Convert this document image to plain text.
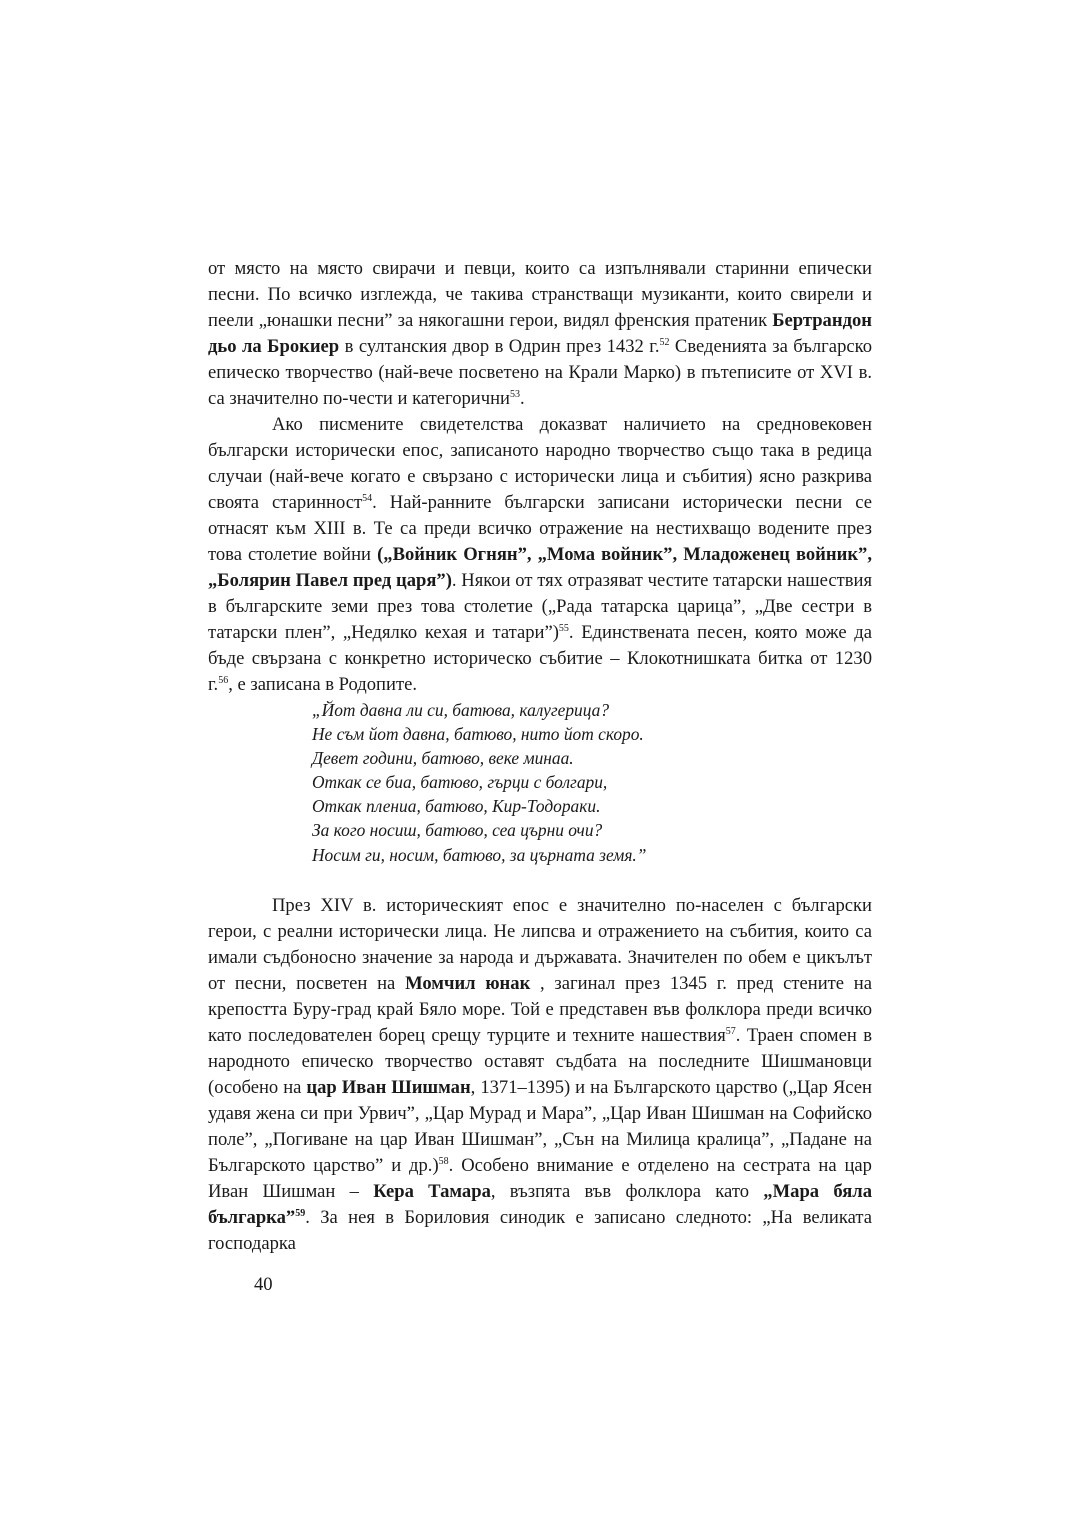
от място на място свирачи и певци, които са изпълнявали старинни епически песни. По всичко изглежда, че такива странстващи музиканти, които свирели и пеели „юнашки песни” за някогашни герои, видял френския пратеник Бертрандон дьо ла Брокиер в султанския двор в Одрин през 1432 г.$^{52}$ Сведенията за българско епическо творчество (най-вече посветено на Крали Марко) в пътеписите от XVI в. са значително по-чести и категорични$^{53}$.

Ако писмените свидетелства доказват наличието на средновековен български исторически епос, записаното народно творчество също така в редица случаи (най-вече когато е свързано с исторически лица и събития) ясно разкрива своята старинност$^{54}$. Най-ранните български записани исторически песни се отнасят към XIII в. Те са преди всичко отражение на нестихващо водените през това столетие войни („Войник Огнян”, „Мома войник”, Младоженец войник”, „Болярин Павел пред царя”). Някои от тях отразяват честите татарски нашествия в българските земи през това столетие („Рада татарска царица”, „Две сестри в татарски плен”, „Недялко кехая и татари”)$^{55}$. Единствената песен, която може да бъде свързана с конкретно историческо събитие – Клокотнишката битка от 1230 г.$^{56}$, е записана в Родопите.

„Йот давна ли си, батюва, калугерица?
Не съм йот давна, батюво, нито йот скоро.
Девет години, батюво, веке минаа.
Откак се биа, батюво, гърци с болгари,
Откак плениа, батюво, Кир-Тодораки.
За кого носиш, батюво, сеа църни очи?
Носим ги, носим, батюво, за църната земя.”

През XIV в. историческият епос е значително по-населен с български герои, с реални исторически лица. Не липсва и отражението на събития, които са имали съдбоносно значение за народа и държавата. Значителен по обем е цикълът от песни, посветен на Момчил юнак , загинал през 1345 г. пред стените на крепостта Буру-град край Бяло море. Той е представен във фолклора преди всичко като последователен борец срещу турците и техните нашествия$^{57}$. Траен спомен в народното епическо творчество оставят съдбата на последните Шишмановци (особено на цар Иван Шишман, 1371–1395) и на Българското царство („Цар Ясен удавя жена си при Урвич”, „Цар Мурад и Мара”, „Цар Иван Шишман на Софийско поле”, „Погиване на цар Иван Шишман”, „Сън на Милица кралица”, „Падане на Българското царство” и др.)$^{58}$. Особено внимание е отделено на сестрата на цар Иван Шишман – Кера Тамара, възпята във фолклора като „Мара бяла българка”$^{59}$. За нея в Бориловия синодик е записано следното: „На великата господарка

40
